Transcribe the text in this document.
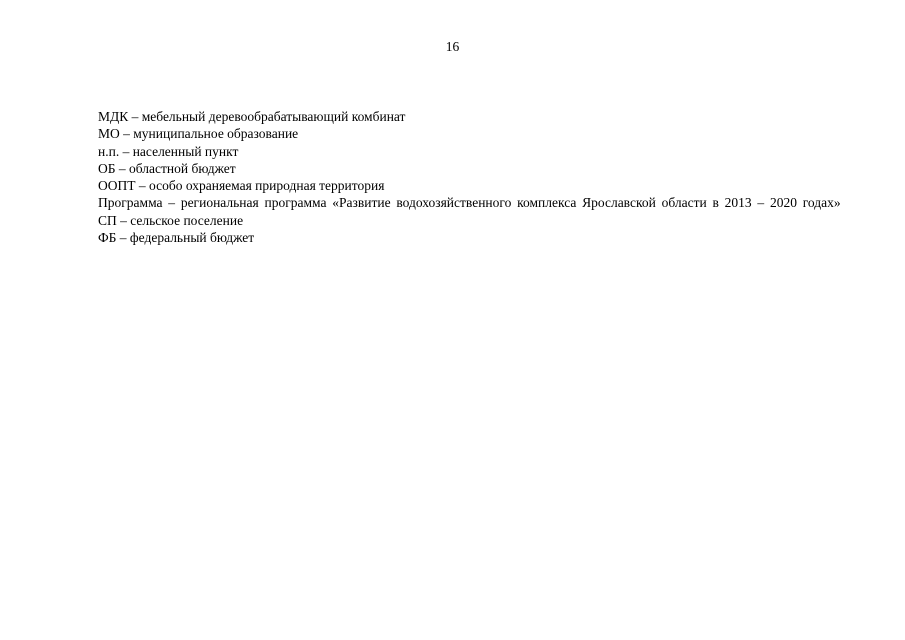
16

МДК – мебельный деревообрабатывающий комбинат

МО – муниципальное образование

н.п. – населенный пункт

ОБ – областной бюджет

ООПТ – особо охраняемая природная территория

Программа – региональная программа «Развитие водохозяйственного комплекса Ярославской области в 2013 – 2020 годах»

СП – сельское поселение

ФБ – федеральный бюджет
